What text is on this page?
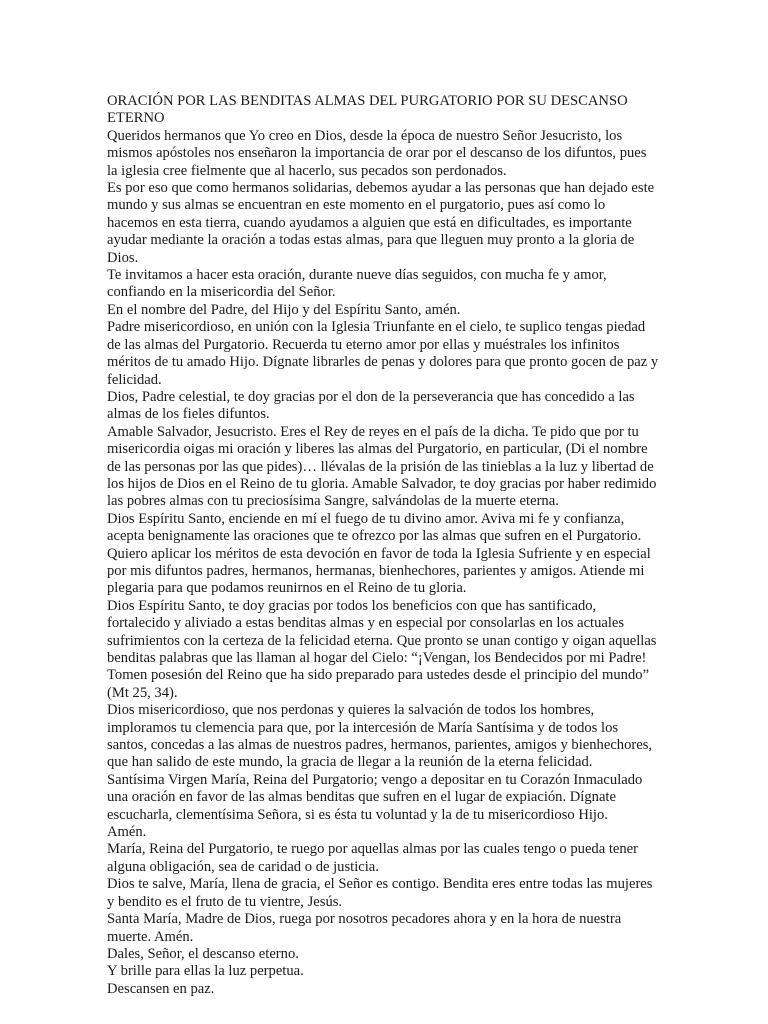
ORACIÓN POR LAS BENDITAS ALMAS DEL PURGATORIO POR SU DESCANSO ETERNO

Queridos hermanos que Yo creo en Dios, desde la época de nuestro Señor Jesucristo, los mismos apóstoles nos enseñaron la importancia de orar por el descanso de los difuntos, pues la iglesia cree fielmente que al hacerlo, sus pecados son perdonados.

Es por eso que como hermanos solidarias, debemos ayudar a las personas que han dejado este mundo y sus almas se encuentran en este momento en el purgatorio, pues así como lo hacemos en esta tierra, cuando ayudamos a alguien que está en dificultades, es importante ayudar mediante la oración a todas estas almas, para que lleguen muy pronto a la gloria de Dios.

Te invitamos a hacer esta oración, durante nueve días seguidos, con mucha fe y amor, confiando en la misericordia del Señor.

En el nombre del Padre, del Hijo y del Espíritu Santo, amén.

Padre misericordioso, en unión con la Iglesia Triunfante en el cielo, te suplico tengas piedad de las almas del Purgatorio. Recuerda tu eterno amor por ellas y muéstrales los infinitos méritos de tu amado Hijo. Dígnate librarles de penas y dolores para que pronto gocen de paz y felicidad.

Dios, Padre celestial, te doy gracias por el don de la perseverancia que has concedido a las almas de los fieles difuntos.

Amable Salvador, Jesucristo. Eres el Rey de reyes en el país de la dicha. Te pido que por tu misericordia oigas mi oración y liberes las almas del Purgatorio, en particular, (Di el nombre de las personas por las que pides)… llévalas de la prisión de las tinieblas a la luz y libertad de los hijos de Dios en el Reino de tu gloria. Amable Salvador, te doy gracias por haber redimido las pobres almas con tu preciosísima Sangre, salvándolas de la muerte eterna.

Dios Espíritu Santo, enciende en mí el fuego de tu divino amor. Aviva mi fe y confianza, acepta benignamente las oraciones que te ofrezco por las almas que sufren en el Purgatorio. Quiero aplicar los méritos de esta devoción en favor de toda la Iglesia Sufriente y en especial por mis difuntos padres, hermanos, hermanas, bienhechores, parientes y amigos. Atiende mi plegaria para que podamos reunirnos en el Reino de tu gloria.

Dios Espíritu Santo, te doy gracias por todos los beneficios con que has santificado, fortalecido y aliviado a estas benditas almas y en especial por consolarlas en los actuales sufrimientos con la certeza de la felicidad eterna. Que pronto se unan contigo y oigan aquellas benditas palabras que las llaman al hogar del Cielo: “¡Vengan, los Bendecidos por mi Padre! Tomen posesión del Reino que ha sido preparado para ustedes desde el principio del mundo” (Mt 25, 34).

Dios misericordioso, que nos perdonas y quieres la salvación de todos los hombres, imploramos tu clemencia para que, por la intercesión de María Santísima y de todos los santos, concedas a las almas de nuestros padres, hermanos, parientes, amigos y bienhechores, que han salido de este mundo, la gracia de llegar a la reunión de la eterna felicidad.

Santísima Virgen María, Reina del Purgatorio; vengo a depositar en tu Corazón Inmaculado una oración en favor de las almas benditas que sufren en el lugar de expiación. Dígnate escucharla, clementísima Señora, si es ésta tu voluntad y la de tu misericordioso Hijo.

Amén.

María, Reina del Purgatorio, te ruego por aquellas almas por las cuales tengo o pueda tener alguna obligación, sea de caridad o de justicia.

Dios te salve, María, llena de gracia, el Señor es contigo. Bendita eres entre todas las mujeres y bendito es el fruto de tu vientre, Jesús.

Santa María, Madre de Dios, ruega por nosotros pecadores ahora y en la hora de nuestra muerte. Amén.

Dales, Señor, el descanso eterno.

Y brille para ellas la luz perpetua.

Descansen en paz.
